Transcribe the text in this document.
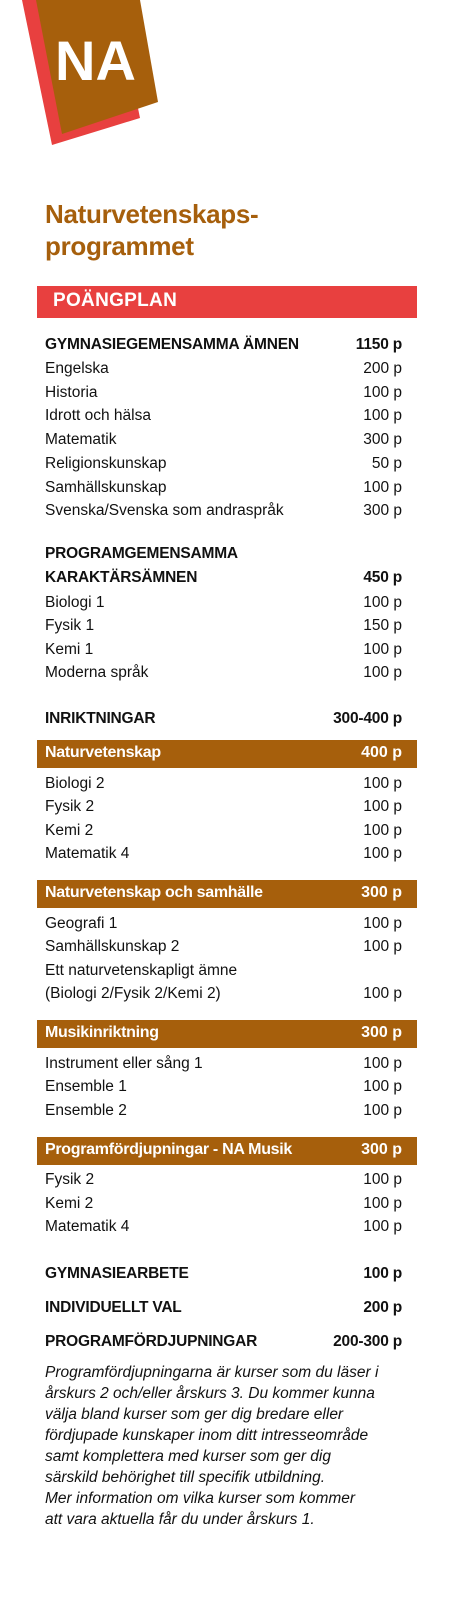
NA
Naturvetenskaps-
programmet
POÄNGPLAN
GYMNASIEGEMENSAMMA ÄMNEN	1150 p
Engelska	200 p
Historia	100 p
Idrott och hälsa	100 p
Matematik	300 p
Religionskunskap	50 p
Samhällskunskap	100 p
Svenska/Svenska som andraspråk	300 p
PROGRAMGEMENSAMMA
KARAKTÄRSÄMNEN	450 p
Biologi 1	100 p
Fysik 1	150 p
Kemi 1	100 p
Moderna språk	100 p
INRIKTNINGAR	300-400 p
Naturvetenskap	400 p
Biologi 2	100 p
Fysik 2	100 p
Kemi 2	100 p
Matematik 4	100 p
Naturvetenskap och samhälle	300 p
Geografi 1	100 p
Samhällskunskap 2	100 p
Ett naturvetenskapligt ämne
(Biologi 2/Fysik 2/Kemi 2)	100 p
Musikinriktning	300 p
Instrument eller sång 1	100 p
Ensemble 1	100 p
Ensemble 2	100 p
Programfördjupningar - NA Musik	300 p
Fysik 2	100 p
Kemi 2	100 p
Matematik 4	100 p
GYMNASIEARBETE	100 p
INDIVIDUELLT VAL	200 p
PROGRAMFÖRDJUPNINGAR	200-300 p

Programfördjupningarna är kurser som du läser i

årskurs 2 och/eller årskurs 3. Du kommer kunna

välja bland kurser som ger dig bredare eller

fördjupade kunskaper inom ditt intresseområde

samt komplettera med kurser som ger dig

särskild behörighet till specifik utbildning.

Mer information om vilka kurser som kommer

att vara aktuella får du under årskurs 1.
